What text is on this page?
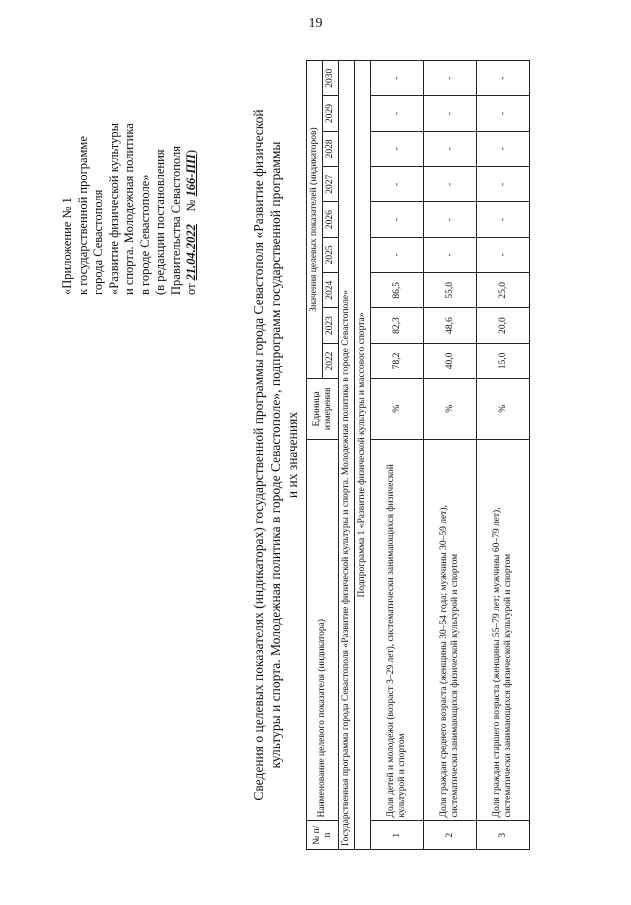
19
«Приложение № 1 к государственной программе города Севастополя «Развитие физической культуры и спорта. Молодежная политика в городе Севастополе» (в редакции постановления Правительства Севастополя от 21.04.2022    № 166-ПП)	Сведения о целевых показателях (индикаторах) государственной программы города Севастополя «Развитие физической культуры и спорта. Молодежная политика в городе Севастополе», подпрограмм государственной программы и их значениях
№ п/п	Наименование целевого показателя (индикатора)	Единица измерения	Значения целевых показателей (индикаторов)								
			2022	2023	2024	2025	2026	2027	2028	2029	2030
Государственная программа города Севастополя «Развитие физической культуры и спорта. Молодежная политика в городе Севастополе»											
Подпрограмма 1 «Развитие физической культуры и массового спорта»											
1	Доля детей и молодежи (возраст 3–29 лет), систематически занимающихся физической культурой и спортом	%	78,2	82,3	86,5	-	-	-	-	-	-
2	Доля граждан среднего возраста (женщины 30–54 года; мужчины 30–59 лет), систематически занимающихся физической культурой и спортом	%	40,0	48,6	55,0	-	-	-	-	-	-
3	Доля граждан старшего возраста (женщины 55–79 лет; мужчины 60–79 лет), систематически занимающихся физической культурой и спортом	%	15,0	20,0	25,0	-	-	-	-	-	-
